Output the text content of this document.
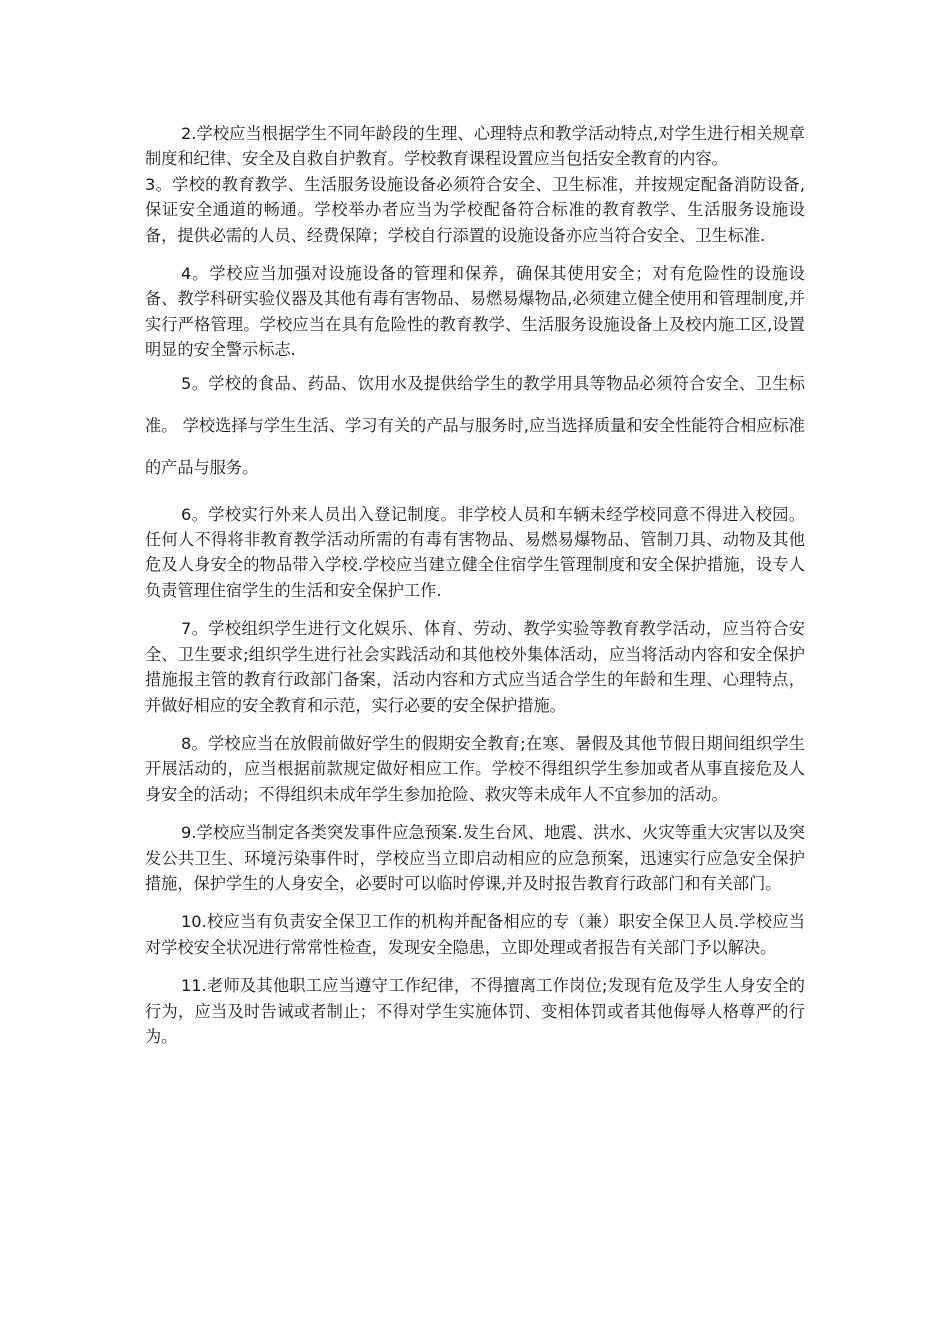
2.学校应当根据学生不同年龄段的生理、心理特点和教学活动特点,对学生进行相关规章制度和纪律、安全及自救自护教育。学校教育课程设置应当包括安全教育的内容。

3。学校的教育教学、生活服务设施设备必须符合安全、卫生标准，并按规定配备消防设备,保证安全通道的畅通。学校举办者应当为学校配备符合标准的教育教学、生活服务设施设备，提供必需的人员、经费保障；学校自行添置的设施设备亦应当符合安全、卫生标准.

4。学校应当加强对设施设备的管理和保养，确保其使用安全；对有危险性的设施设备、教学科研实验仪器及其他有毒有害物品、易燃易爆物品,必须建立健全使用和管理制度,并实行严格管理。学校应当在具有危险性的教育教学、生活服务设施设备上及校内施工区,设置明显的安全警示标志.

5。学校的食品、药品、饮用水及提供给学生的教学用具等物品必须符合安全、卫生标准。 学校选择与学生生活、学习有关的产品与服务时,应当选择质量和安全性能符合相应标准的产品与服务。

6。学校实行外来人员出入登记制度。非学校人员和车辆未经学校同意不得进入校园。任何人不得将非教育教学活动所需的有毒有害物品、易燃易爆物品、管制刀具、动物及其他危及人身安全的物品带入学校.学校应当建立健全住宿学生管理制度和安全保护措施，设专人负责管理住宿学生的生活和安全保护工作.

7。学校组织学生进行文化娱乐、体育、劳动、教学实验等教育教学活动，应当符合安全、卫生要求;组织学生进行社会实践活动和其他校外集体活动，应当将活动内容和安全保护措施报主管的教育行政部门备案，活动内容和方式应当适合学生的年龄和生理、心理特点，并做好相应的安全教育和示范，实行必要的安全保护措施。

8。学校应当在放假前做好学生的假期安全教育;在寒、暑假及其他节假日期间组织学生开展活动的，应当根据前款规定做好相应工作。学校不得组织学生参加或者从事直接危及人身安全的活动；不得组织未成年学生参加抢险、救灾等未成年人不宜参加的活动。

9.学校应当制定各类突发事件应急预案.发生台风、地震、洪水、火灾等重大灾害以及突发公共卫生、环境污染事件时，学校应当立即启动相应的应急预案，迅速实行应急安全保护措施，保护学生的人身安全，必要时可以临时停课,并及时报告教育行政部门和有关部门。

10.校应当有负责安全保卫工作的机构并配备相应的专（兼）职安全保卫人员.学校应当对学校安全状况进行常常性检查，发现安全隐患，立即处理或者报告有关部门予以解决。

11.老师及其他职工应当遵守工作纪律，不得擅离工作岗位;发现有危及学生人身安全的行为，应当及时告诫或者制止；不得对学生实施体罚、变相体罚或者其他侮辱人格尊严的行为。
